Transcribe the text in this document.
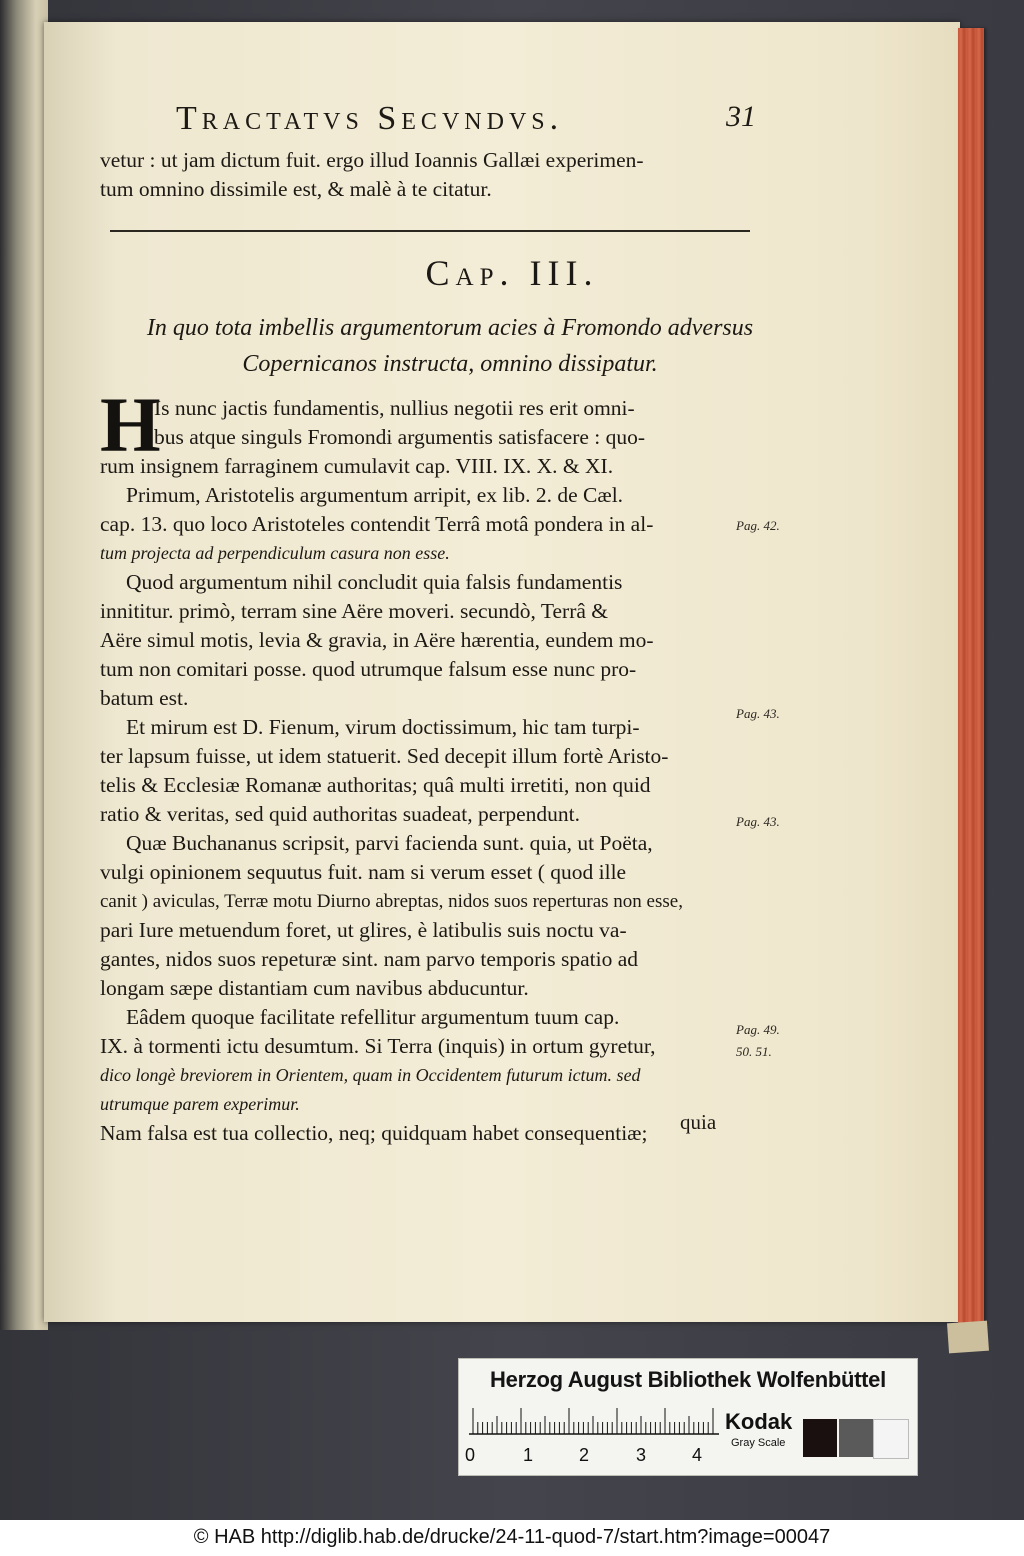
Tractatvs Secvndvs.	31
vetur : ut jam dictum fuit. ergo illud Ioannis Gallæi experimen-
tum omnino dissimile est, & malè à te citatur.
Cap. III.
In quo tota imbellis argumentorum acies à Fromondo adversus
Copernicanos instructa, omnino dissipatur.
H
Is nunc jactis fundamentis, nullius negotii res erit omni-
bus atque singuls Fromondi argumentis satisfacere : quo-
rum insignem farraginem cumulavit cap. VIII. IX. X. & XI.
Primum, Aristotelis argumentum arripit, ex lib. 2. de Cæl.
cap. 13. quo loco Aristoteles contendit Terrâ motâ pondera in al-
tum projecta ad perpendiculum casura non esse.
Quod argumentum nihil concludit quia falsis fundamentis
innititur. primò, terram sine Aëre moveri. secundò, Terrâ &
Aëre simul motis, levia & gravia, in Aëre hærentia, eundem mo-
tum non comitari posse. quod utrumque falsum esse nunc pro-
batum est.
Et mirum est D. Fienum, virum doctissimum, hic tam turpi-
ter lapsum fuisse, ut idem statuerit. Sed decepit illum fortè Aristo-
telis & Ecclesiæ Romanæ authoritas; quâ multi irretiti, non quid
ratio & veritas, sed quid authoritas suadeat, perpendunt.
Quæ Buchananus scripsit, parvi facienda sunt. quia, ut Poëta,
vulgi opinionem sequutus fuit. nam si verum esset ( quod ille
canit ) aviculas, Terræ motu Diurno abreptas, nidos suos reperturas non esse,
pari Iure metuendum foret, ut glires, è latibulis suis noctu va-
gantes, nidos suos repeturæ sint. nam parvo temporis spatio ad
longam sæpe distantiam cum navibus abducuntur.
Eâdem quoque facilitate refellitur argumentum tuum cap.
IX. à tormenti ictu desumtum. Si Terra (inquis) in ortum gyretur,
dico longè breviorem in Orientem, quam in Occidentem futurum ictum. sed
utrumque parem experimur.
Nam falsa est tua collectio, neq; quidquam habet consequentiæ;	quia
Pag. 42.
Pag. 43.
Pag. 43.
Pag. 49.
50. 51.
Herzog August Bibliothek Wolfenbüttel
0	1	2	3	4
Kodak
Gray Scale
© HAB http://diglib.hab.de/drucke/24-11-quod-7/start.htm?image=00047
